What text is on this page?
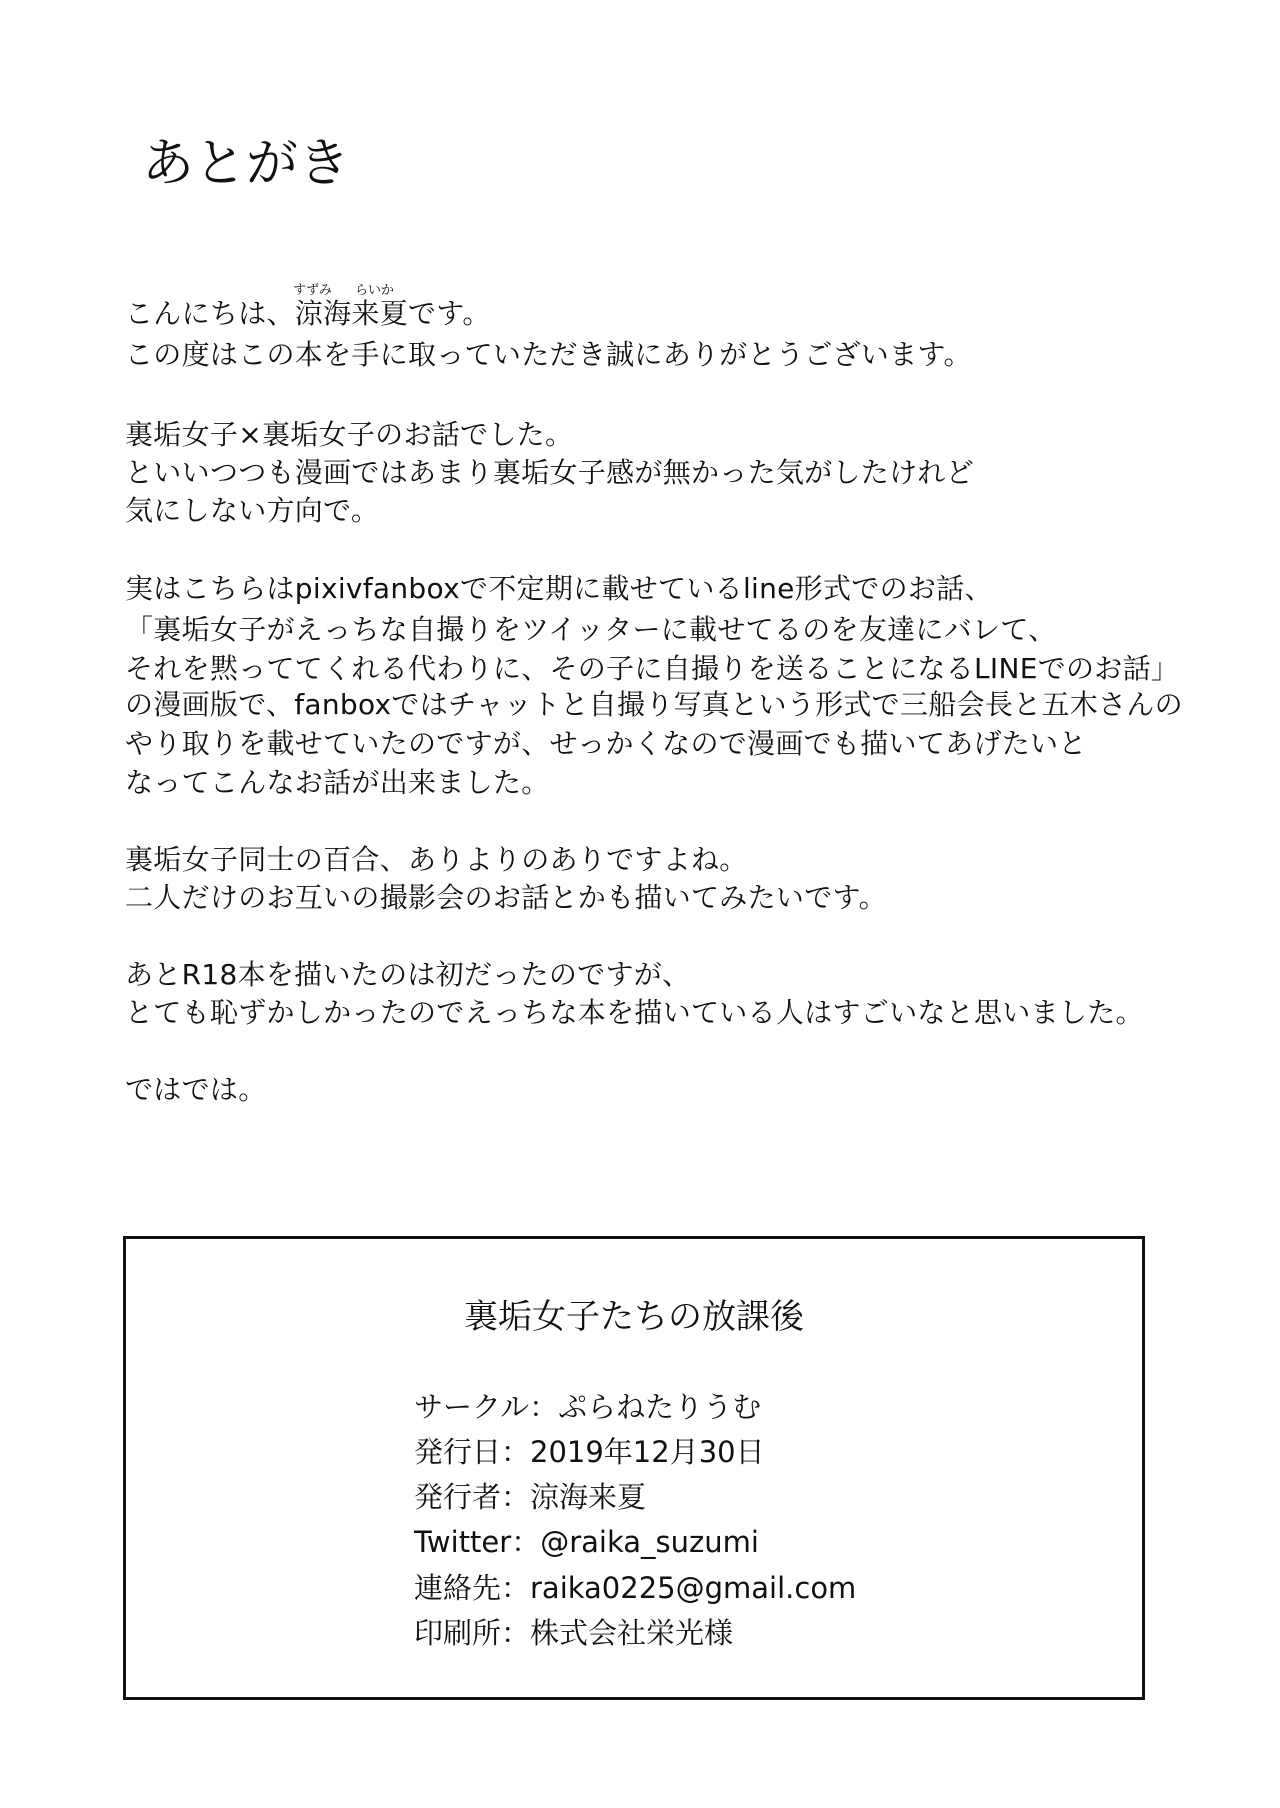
あとがき
すずみ らいか
こんにちは、涼海来夏です。
この度はこの本を手に取っていただき誠にありがとうございます。
裏垢女子×裏垢女子のお話でした。
といいつつも漫画ではあまり裏垢女子感が無かった気がしたけれど
気にしない方向で。
実はこちらはpixivfanboxで不定期に載せているline形式でのお話、
「裏垢女子がえっちな自撮りをツイッターに載せてるのを友達にバレて、
それを黙っててくれる代わりに、その子に自撮りを送ることになるLINEでのお話」
の漫画版で、fanboxではチャットと自撮り写真という形式で三船会長と五木さんの
やり取りを載せていたのですが、せっかくなので漫画でも描いてあげたいと
なってこんなお話が出来ました。
裏垢女子同士の百合、ありよりのありですよね。
二人だけのお互いの撮影会のお話とかも描いてみたいです。
あとR18本を描いたのは初だったのですが、
とても恥ずかしかったのでえっちな本を描いている人はすごいなと思いました。
ではでは。
裏垢女子たちの放課後
サークル：ぷらねたりうむ
発行日：2019年12月30日
発行者：涼海来夏
Twitter：@raika_suzumi
連絡先：raika0225@gmail.com
印刷所：株式会社栄光様
